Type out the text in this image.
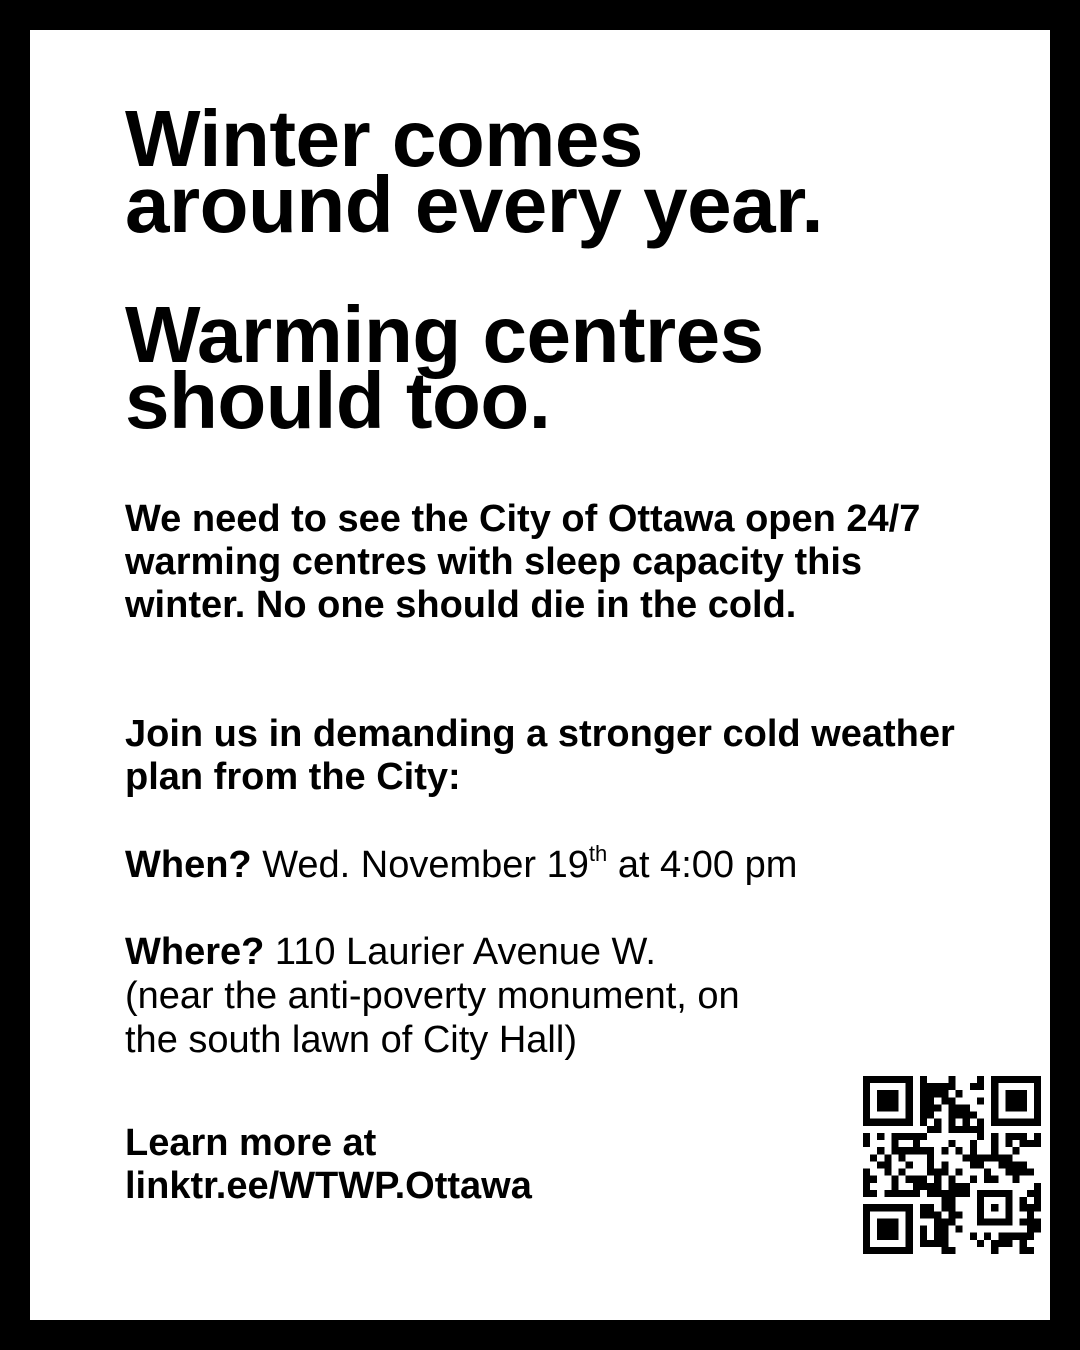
Winter comes
around every year.
Warming centres
should too.

We need to see the City of Ottawa open 24/7 warming centres with sleep capacity this winter. No one should die in the cold.

Join us in demanding a stronger cold weather plan from the City:

When? Wed. November 19th at 4:00 pm

Where? 110 Laurier Avenue W.
(near the anti-poverty monument, on
the south lawn of City Hall)
Learn more at
linktr.ee/WTWP.Ottawa
